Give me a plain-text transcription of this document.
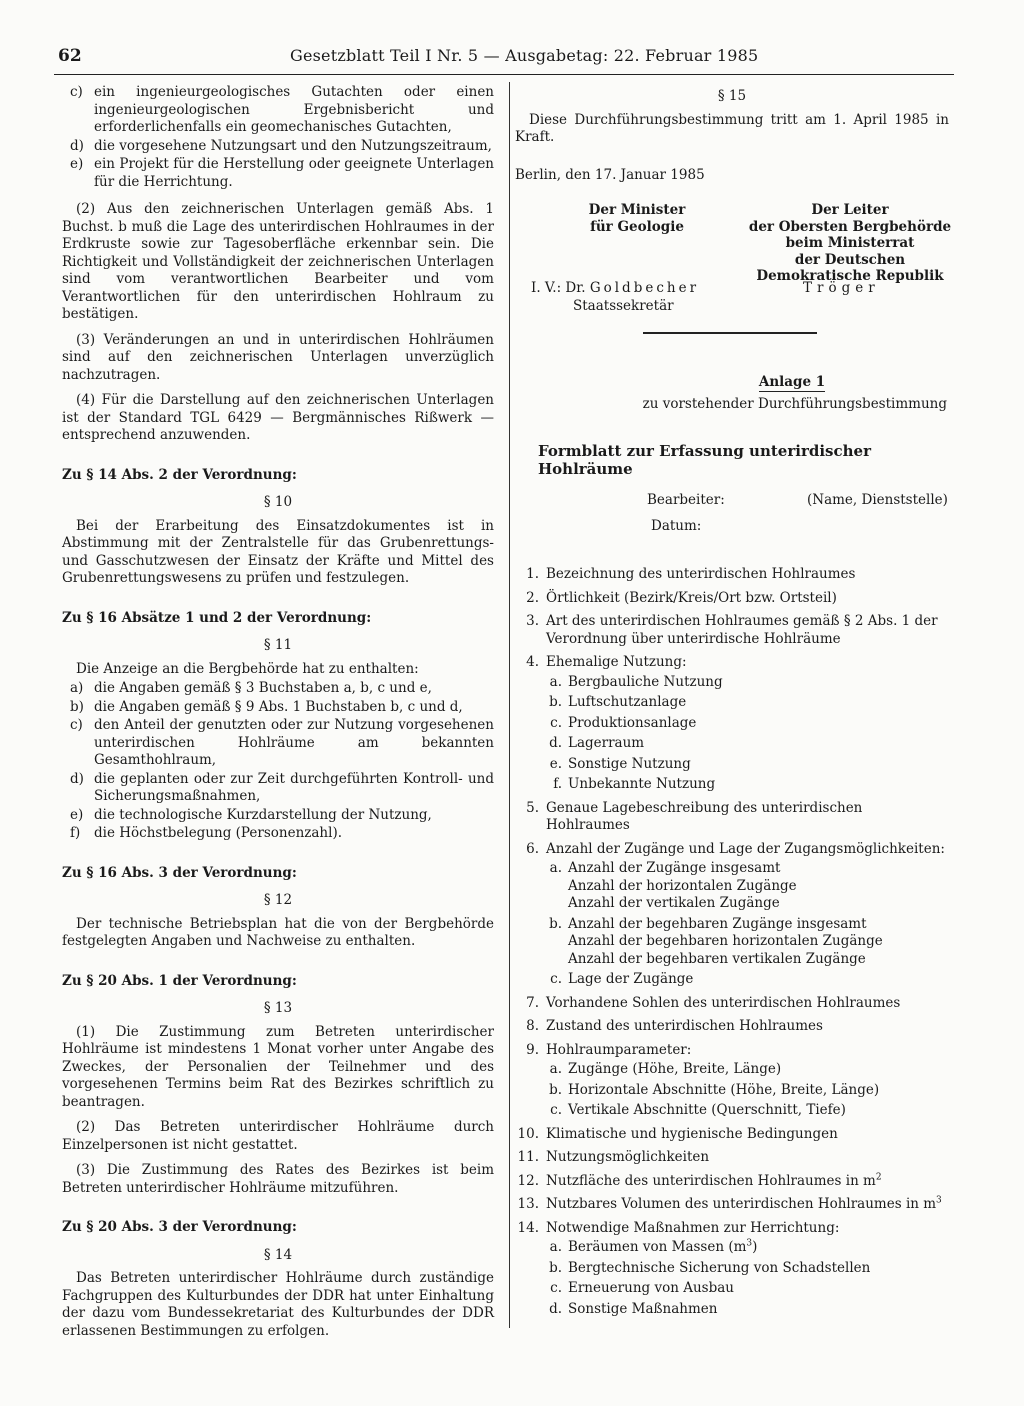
62	Gesetzblatt Teil I Nr. 5 — Ausgabetag: 22. Februar 1985
c) ein ingenieurgeologisches Gutachten oder einen ingenieurgeologischen Ergebnisbericht und erforderlichenfalls ein geomechanisches Gutachten,
d) die vorgesehene Nutzungsart und den Nutzungszeitraum,
e) ein Projekt für die Herstellung oder geeignete Unterlagen für die Herrichtung.

(2) Aus den zeichnerischen Unterlagen gemäß Abs. 1 Buchst. b muß die Lage des unterirdischen Hohlraumes in der Erdkruste sowie zur Tagesoberfläche erkennbar sein. Die Richtigkeit und Vollständigkeit der zeichnerischen Unterlagen sind vom verantwortlichen Bearbeiter und vom Verantwortlichen für den unterirdischen Hohlraum zu bestätigen.

(3) Veränderungen an und in unterirdischen Hohlräumen sind auf den zeichnerischen Unterlagen unverzüglich nachzutragen.

(4) Für die Darstellung auf den zeichnerischen Unterlagen ist der Standard TGL 6429 — Bergmännisches Rißwerk — entsprechend anzuwenden.

Zu § 14 Abs. 2 der Verordnung:
§ 10

Bei der Erarbeitung des Einsatzdokumentes ist in Abstimmung mit der Zentralstelle für das Grubenrettungs- und Gasschutzwesen der Einsatz der Kräfte und Mittel des Grubenrettungswesens zu prüfen und festzulegen.

Zu § 16 Absätze 1 und 2 der Verordnung:
§ 11

Die Anzeige an die Bergbehörde hat zu enthalten:

a) die Angaben gemäß § 3 Buchstaben a, b, c und e,
b) die Angaben gemäß § 9 Abs. 1 Buchstaben b, c und d,
c) den Anteil der genutzten oder zur Nutzung vorgesehenen unterirdischen Hohlräume am bekannten Gesamthohlraum,
d) die geplanten oder zur Zeit durchgeführten Kontroll- und Sicherungsmaßnahmen,
e) die technologische Kurzdarstellung der Nutzung,
f) die Höchstbelegung (Personenzahl).
Zu § 16 Abs. 3 der Verordnung:
§ 12

Der technische Betriebsplan hat die von der Bergbehörde festgelegten Angaben und Nachweise zu enthalten.

Zu § 20 Abs. 1 der Verordnung:
§ 13

(1) Die Zustimmung zum Betreten unterirdischer Hohlräume ist mindestens 1 Monat vorher unter Angabe des Zweckes, der Personalien der Teilnehmer und des vorgesehenen Termins beim Rat des Bezirkes schriftlich zu beantragen.

(2) Das Betreten unterirdischer Hohlräume durch Einzelpersonen ist nicht gestattet.

(3) Die Zustimmung des Rates des Bezirkes ist beim Betreten unterirdischer Hohlräume mitzuführen.

Zu § 20 Abs. 3 der Verordnung:
§ 14

Das Betreten unterirdischer Hohlräume durch zuständige Fachgruppen des Kulturbundes der DDR hat unter Einhaltung der dazu vom Bundessekretariat des Kulturbundes der DDR erlassenen Bestimmungen zu erfolgen.

§ 15

Diese Durchführungsbestimmung tritt am 1. April 1985 in Kraft.

Berlin, den 17. Januar 1985
Der Minister
für Geologie
Der Leiter
der Obersten Bergbehörde
beim Ministerrat
der Deutschen
Demokratische Republik
I. V.: Dr. Goldbecher
Staatssekretär
Tröger
Anlage 1
zu vorstehender Durchführungsbestimmung
Formblatt zur Erfassung unterirdischer Hohlräume
Bearbeiter:	(Name, Dienststelle)
Datum:
1. Bezeichnung des unterirdischen Hohlraumes
2. Örtlichkeit (Bezirk/Kreis/Ort bzw. Ortsteil)
3. Art des unterirdischen Hohlraumes gemäß § 2 Abs. 1 der Verordnung über unterirdische Hohlräume
4. Ehemalige Nutzung:
a. Bergbauliche Nutzung
b. Luftschutzanlage
c. Produktionsanlage
d. Lagerraum
e. Sonstige Nutzung
f. Unbekannte Nutzung
5. Genaue Lagebeschreibung des unterirdischen Hohlraumes
6. Anzahl der Zugänge und Lage der Zugangsmöglichkeiten:
a. Anzahl der Zugänge insgesamt
Anzahl der horizontalen Zugänge
Anzahl der vertikalen Zugänge
b. Anzahl der begehbaren Zugänge insgesamt
Anzahl der begehbaren horizontalen Zugänge
Anzahl der begehbaren vertikalen Zugänge
c. Lage der Zugänge
7. Vorhandene Sohlen des unterirdischen Hohlraumes
8. Zustand des unterirdischen Hohlraumes
9. Hohlraumparameter:
a. Zugänge (Höhe, Breite, Länge)
b. Horizontale Abschnitte (Höhe, Breite, Länge)
c. Vertikale Abschnitte (Querschnitt, Tiefe)
10. Klimatische und hygienische Bedingungen
11. Nutzungsmöglichkeiten
12. Nutzfläche des unterirdischen Hohlraumes in $m^2$
13. Nutzbares Volumen des unterirdischen Hohlraumes in $m^3$
14. Notwendige Maßnahmen zur Herrichtung:
a. Beräumen von Massen $(m^3)$
b. Bergtechnische Sicherung von Schadstellen
c. Erneuerung von Ausbau
d. Sonstige Maßnahmen
